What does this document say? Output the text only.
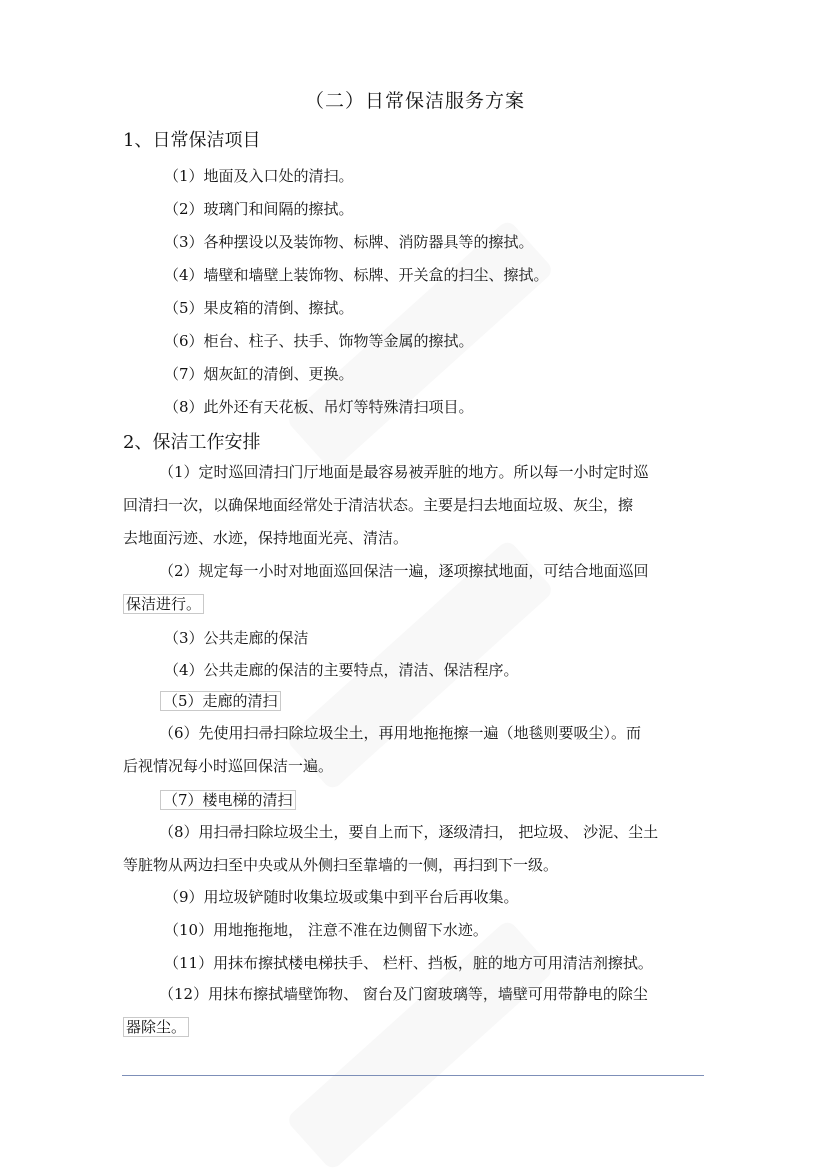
（二）日常保洁服务方案
1、日常保洁项目
（1）地面及入口处的清扫。
（2）玻璃门和间隔的擦拭。
（3）各种摆设以及装饰物、标牌、消防器具等的擦拭。
（4）墙壁和墙壁上装饰物、标牌、开关盒的扫尘、擦拭。
（5）果皮箱的清倒、擦拭。
（6）柜台、柱子、扶手、饰物等金属的擦拭。
（7）烟灰缸的清倒、更换。
（8）此外还有天花板、吊灯等特殊清扫项目。
2、保洁工作安排
（1）定时巡回清扫门厅地面是最容易被弄脏的地方。所以每一小时定时巡
回清扫一次，以确保地面经常处于清洁状态。主要是扫去地面垃圾、灰尘，擦
去地面污迹、水迹，保持地面光亮、清洁。
（2）规定每一小时对地面巡回保洁一遍，逐项擦拭地面，可结合地面巡回
保洁进行。
（3）公共走廊的保洁
（4）公共走廊的保洁的主要特点，清洁、保洁程序。
（5）走廊的清扫
（6）先使用扫帚扫除垃圾尘土，再用地拖拖擦一遍（地毯则要吸尘）。而
后视情况每小时巡回保洁一遍。
（7）楼电梯的清扫
（8）用扫帚扫除垃圾尘土，要自上而下，逐级清扫， 把垃圾、 沙泥、尘土
等脏物从两边扫至中央或从外侧扫至靠墙的一侧，再扫到下一级。
（9）用垃圾铲随时收集垃圾或集中到平台后再收集。
（10）用地拖拖地， 注意不准在边侧留下水迹。
（11）用抹布擦拭楼电梯扶手、 栏杆、挡板，脏的地方可用清洁剂擦拭。
（12）用抹布擦拭墙壁饰物、 窗台及门窗玻璃等，墙壁可用带静电的除尘
器除尘。
